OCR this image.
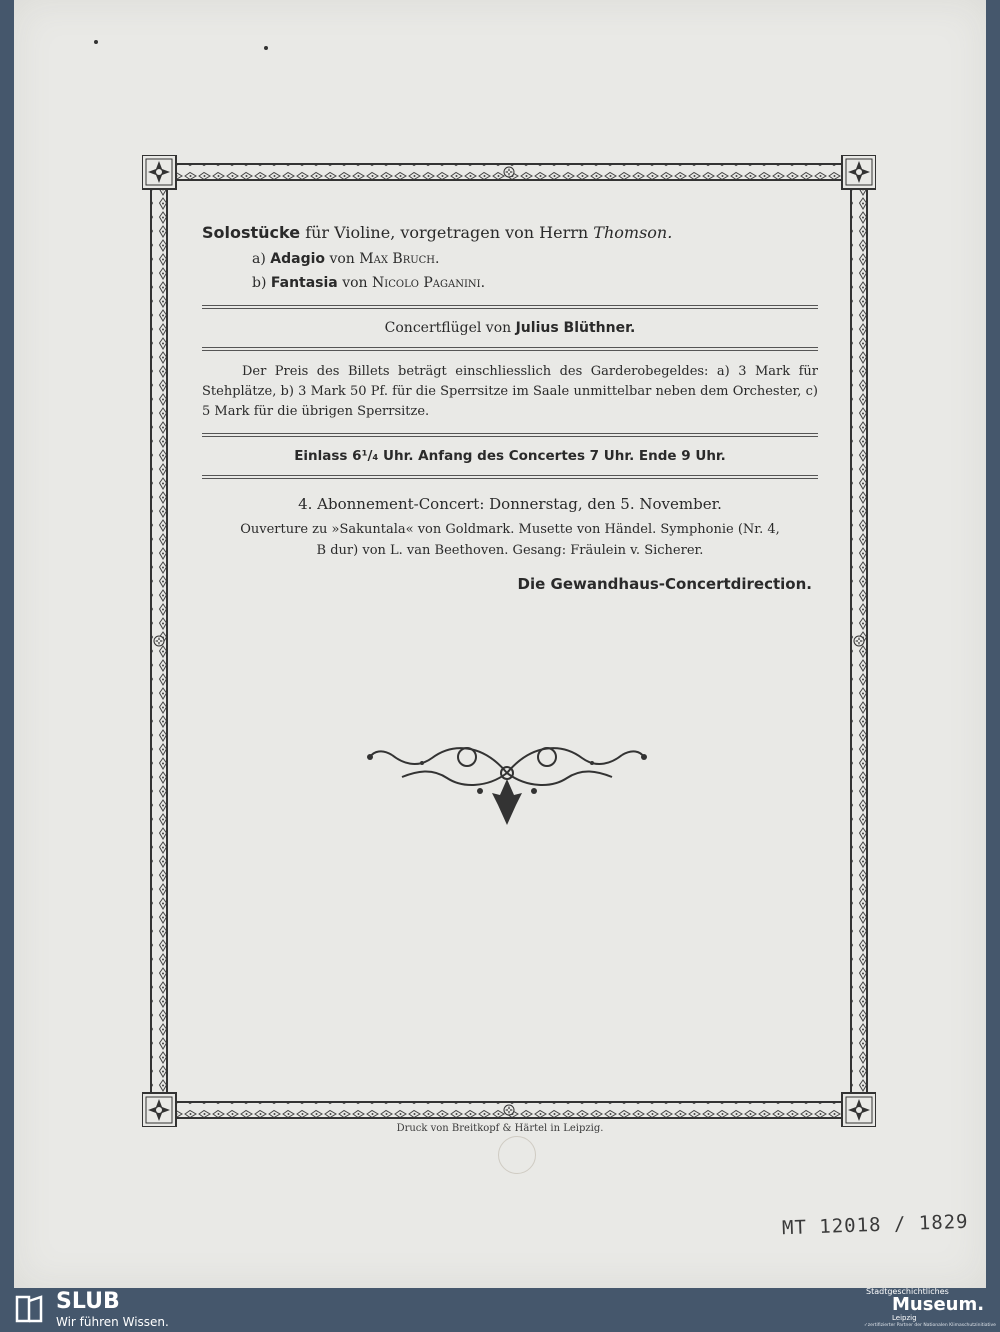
Solostücke für Violine, vorgetragen von Herrn Thomson.
a) Adagio von Max Bruch.
b) Fantasia von Nicolo Paganini.
Concertflügel von Julius Blüthner.
Der Preis des Billets beträgt einschliesslich des Garderobegeldes: a) 3 Mark für Stehplätze, b) 3 Mark 50 Pf. für die Sperrsitze im Saale unmittelbar neben dem Orchester, c) 5 Mark für die übrigen Sperrsitze.
Einlass 6¹/₄ Uhr. Anfang des Concertes 7 Uhr. Ende 9 Uhr.
4. Abonnement-Concert: Donnerstag, den 5. November.
Ouverture zu »Sakuntala« von Goldmark. Musette von Händel. Symphonie (Nr. 4,
B dur) von L. van Beethoven. Gesang: Fräulein v. Sicherer.
Die Gewandhaus-Concertdirection.
Druck von Breitkopf & Härtel in Leipzig.
MT 12018 / 1829
SLUB
Wir führen Wissen.
Stadtgeschichtliches
Museum.
Leipzig
✓zertifizierter Partner der Nationalen Klimaschutzinitiative
